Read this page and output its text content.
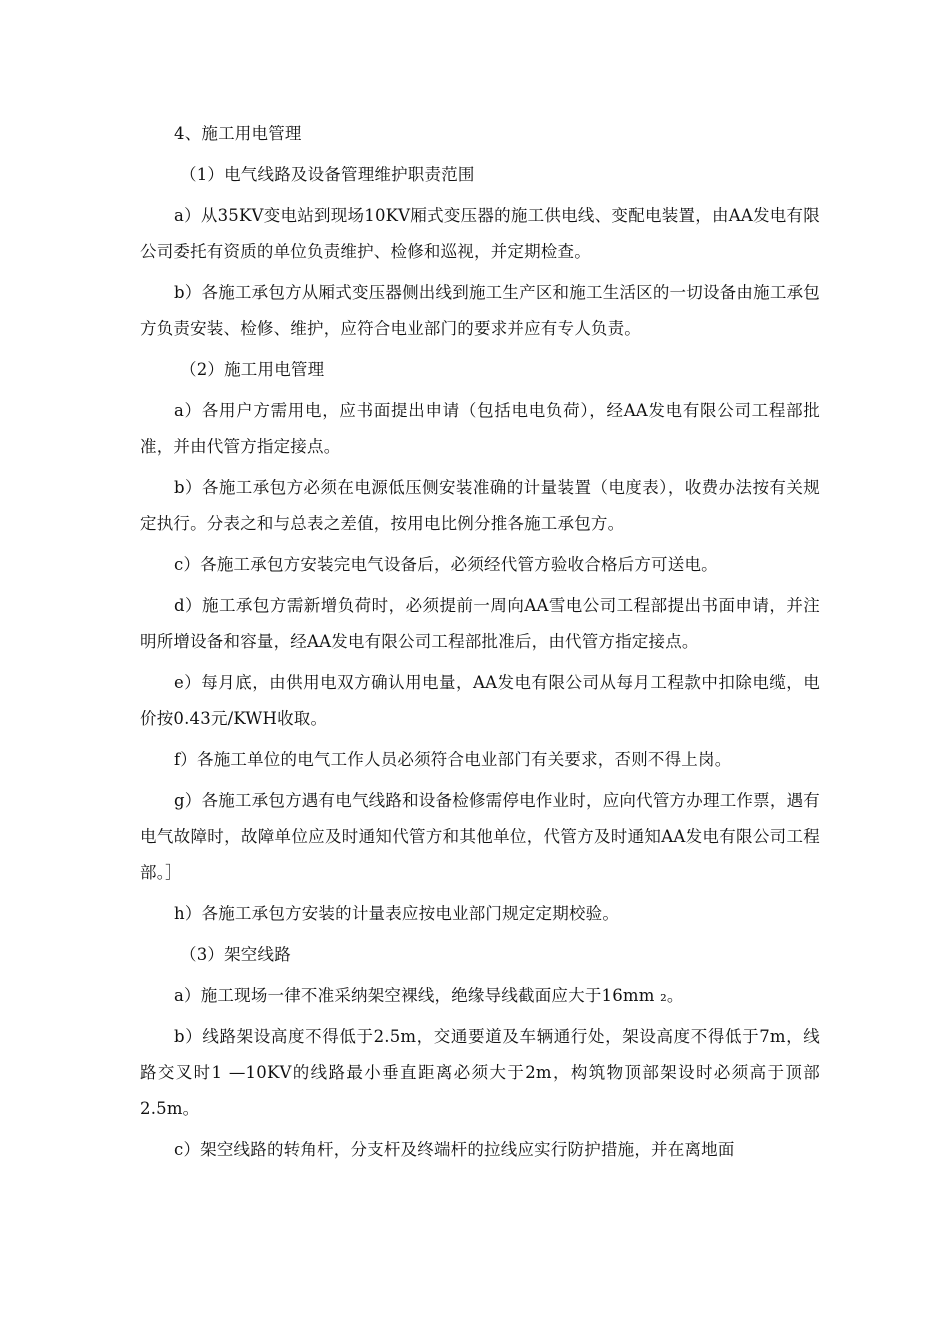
4、施工用电管理

（1）电气线路及设备管理维护职责范围

a）从35KV变电站到现场10KV厢式变压器的施工供电线、变配电装置，由AA发电有限公司委托有资质的单位负责维护、检修和巡视，并定期检查。

b）各施工承包方从厢式变压器侧出线到施工生产区和施工生活区的一切设备由施工承包方负责安装、检修、维护，应符合电业部门的要求并应有专人负责。

（2）施工用电管理

a）各用户方需用电，应书面提出申请（包括电电负荷），经AA发电有限公司工程部批准，并由代管方指定接点。

b）各施工承包方必须在电源低压侧安装准确的计量装置（电度表），收费办法按有关规定执行。分表之和与总表之差值，按用电比例分推各施工承包方。

c）各施工承包方安装完电气设备后，必须经代管方验收合格后方可送电。

d）施工承包方需新增负荷时，必须提前一周向AA雪电公司工程部提出书面申请，并注明所增设备和容量，经AA发电有限公司工程部批准后，由代管方指定接点。

e）每月底，由供用电双方确认用电量，AA发电有限公司从每月工程款中扣除电缆，电价按0.43元/KWH收取。

f）各施工单位的电气工作人员必须符合电业部门有关要求，否则不得上岗。

g）各施工承包方遇有电气线路和设备检修需停电作业时，应向代管方办理工作票，遇有电气故障时，故障单位应及时通知代管方和其他单位，代管方及时通知AA发电有限公司工程部。］

h）各施工承包方安装的计量表应按电业部门规定定期校验。

（3）架空线路

a）施工现场一律不准采纳架空裸线，绝缘导线截面应大于16mm ₂。

b）线路架设高度不得低于2.5m，交通要道及车辆通行处，架设高度不得低于7m，线路交叉时1 —10KV的线路最小垂直距离必须大于2m，构筑物顶部架设时必须高于顶部2.5m。

c）架空线路的转角杆，分支杆及终端杆的拉线应实行防护措施，并在离地面
